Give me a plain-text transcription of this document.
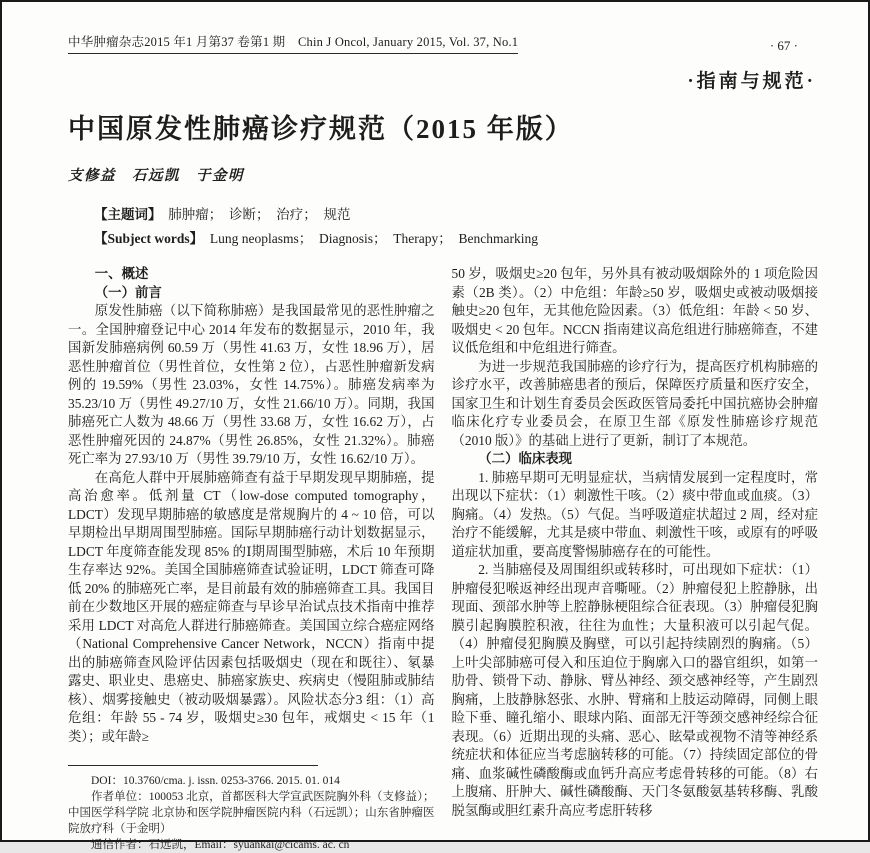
中华肿瘤杂志2015 年1 月第37 卷第1 期　Chin J Oncol, January 2015, Vol. 37, No.1	· 67 ·
·指南与规范·
中国原发性肺癌诊疗规范（2015 年版）
支修益　石远凯　于金明
【主题词】　肺肿瘤；　诊断；　治疗；　规范
【Subject words】　Lung neoplasms；　Diagnosis；　Therapy；　Benchmarking
一、概述
（一）前言

原发性肺癌（以下简称肺癌）是我国最常见的恶性肿瘤之一。全国肿瘤登记中心 2014 年发布的数据显示，2010 年，我国新发肺癌病例 60.59 万（男性 41.63 万，女性 18.96 万），居恶性肿瘤首位（男性首位，女性第 2 位），占恶性肿瘤新发病例的 19.59%（男性 23.03%，女性 14.75%）。肺癌发病率为 35.23/10 万（男性 49.27/10 万，女性 21.66/10 万）。同期，我国肺癌死亡人数为 48.66 万（男性 33.68 万，女性 16.62 万），占恶性肿瘤死因的 24.87%（男性 26.85%，女性 21.32%）。肺癌死亡率为 27.93/10 万（男性 39.79/10 万，女性 16.62/10 万）。

在高危人群中开展肺癌筛查有益于早期发现早期肺癌，提高治愈率。低剂量 CT（low-dose computed tomography，LDCT）发现早期肺癌的敏感度是常规胸片的 4 ~ 10 倍，可以早期检出早期周围型肺癌。国际早期肺癌行动计划数据显示，LDCT 年度筛查能发现 85% 的Ⅰ期周围型肺癌，术后 10 年预期生存率达 92%。美国全国肺癌筛查试验证明，LDCT 筛查可降低 20% 的肺癌死亡率，是目前最有效的肺癌筛查工具。我国目前在少数地区开展的癌症筛查与早诊早治试点技术指南中推荐采用 LDCT 对高危人群进行肺癌筛查。美国国立综合癌症网络（National Comprehensive Cancer Network，NCCN）指南中提出的肺癌筛查风险评估因素包括吸烟史（现在和既往）、氡暴露史、职业史、患癌史、肺癌家族史、疾病史（慢阻肺或肺结核）、烟雾接触史（被动吸烟暴露）。风险状态分3 组：（1）高危组：年龄 55 - 74 岁，吸烟史≥30 包年，戒烟史 < 15 年（1 类）；或年龄≥

DOI：10.3760/cma. j. issn. 0253-3766. 2015. 01. 014

作者单位：100053 北京，首都医科大学宣武医院胸外科（支修益）；中国医学科学院 北京协和医学院肿瘤医院内科（石远凯）；山东省肿瘤医院放疗科（于金明）

通信作者：石远凯，Email：syuankai@cicams. ac. cn

50 岁，吸烟史≥20 包年，另外具有被动吸烟除外的 1 项危险因素（2B 类）。（2）中危组：年龄≥50 岁，吸烟史或被动吸烟接触史≥20 包年，无其他危险因素。（3）低危组：年龄 < 50 岁、吸烟史 < 20 包年。NCCN 指南建议高危组进行肺癌筛查，不建议低危组和中危组进行筛查。

为进一步规范我国肺癌的诊疗行为，提高医疗机构肺癌的诊疗水平，改善肺癌患者的预后，保障医疗质量和医疗安全，国家卫生和计划生育委员会医政医管局委托中国抗癌协会肿瘤临床化疗专业委员会，在原卫生部《原发性肺癌诊疗规范（2010 版）》的基础上进行了更新，制订了本规范。

（二）临床表现

1. 肺癌早期可无明显症状，当病情发展到一定程度时，常出现以下症状：（1）刺激性干咳。（2）痰中带血或血痰。（3）胸痛。（4）发热。（5）气促。当呼吸道症状超过 2 周，经对症治疗不能缓解，尤其是痰中带血、刺激性干咳，或原有的呼吸道症状加重，要高度警惕肺癌存在的可能性。

2. 当肺癌侵及周围组织或转移时，可出现如下症状：（1）肿瘤侵犯喉返神经出现声音嘶哑。（2）肿瘤侵犯上腔静脉，出现面、颈部水肿等上腔静脉梗阻综合征表现。（3）肿瘤侵犯胸膜引起胸膜腔积液，往往为血性；大量积液可以引起气促。（4）肿瘤侵犯胸膜及胸壁，可以引起持续剧烈的胸痛。（5）上叶尖部肺癌可侵入和压迫位于胸廓入口的器官组织，如第一肋骨、锁骨下动、静脉、臂丛神经、颈交感神经等，产生剧烈胸痛，上肢静脉怒张、水肿、臂痛和上肢运动障碍，同侧上眼睑下垂、瞳孔缩小、眼球内陷、面部无汗等颈交感神经综合征表现。（6）近期出现的头痛、恶心、眩晕或视物不清等神经系统症状和体征应当考虑脑转移的可能。（7）持续固定部位的骨痛、血浆碱性磷酸酶或血钙升高应考虑骨转移的可能。（8）右上腹痛、肝肿大、碱性磷酸酶、天门冬氨酸氨基转移酶、乳酸脱氢酶或胆红素升高应考虑肝转移
